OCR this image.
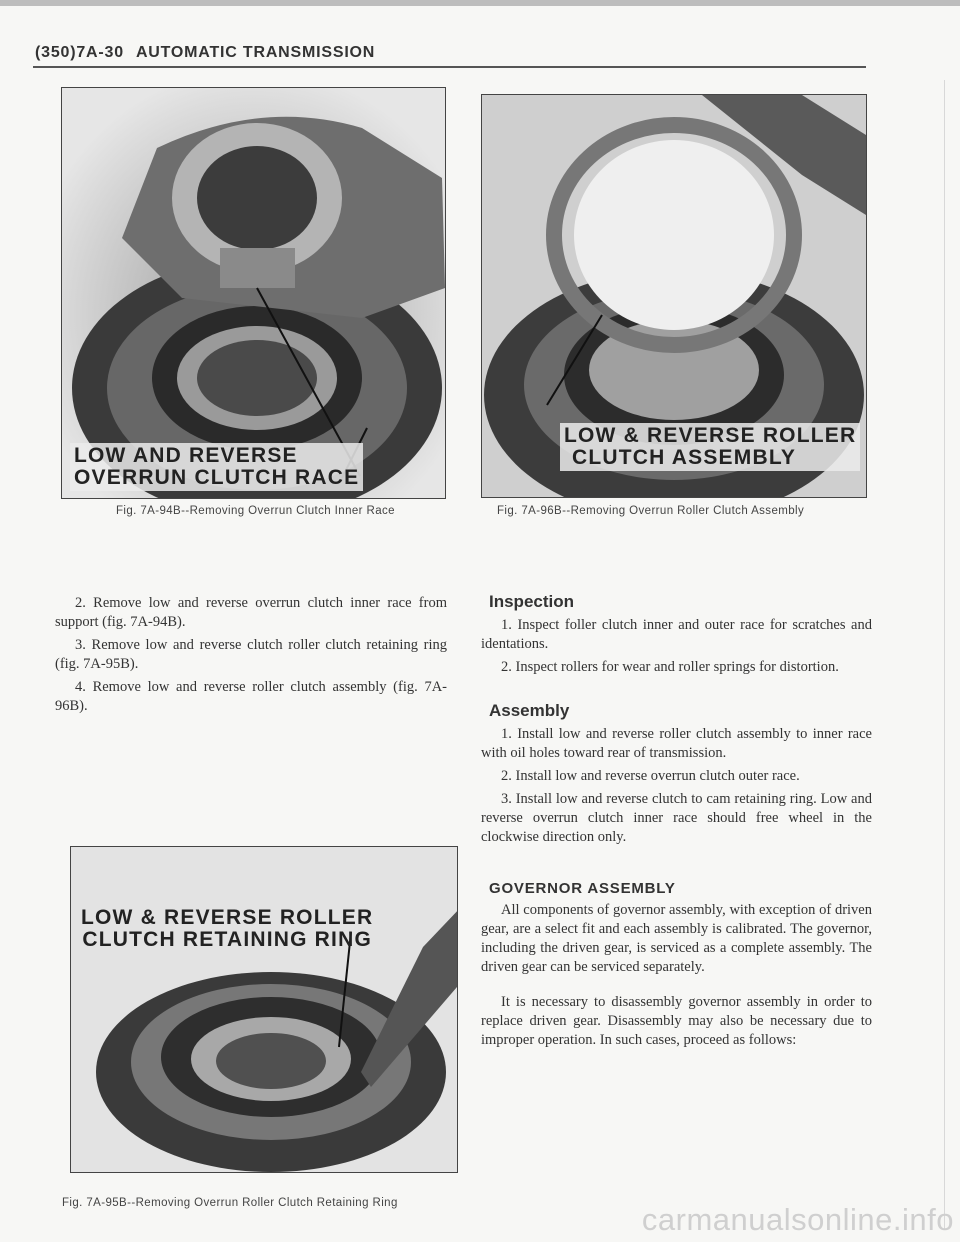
(350)7A-30 AUTOMATIC TRANSMISSION
LOW AND REVERSE
OVERRUN CLUTCH RACE
Fig. 7A-94B--Removing Overrun Clutch Inner Race
LOW & REVERSE ROLLER
CLUTCH ASSEMBLY
Fig. 7A-96B--Removing Overrun Roller Clutch Assembly

2. Remove low and reverse overrun clutch inner race from support (fig. 7A-94B).

3. Remove low and reverse clutch roller clutch retaining ring (fig. 7A-95B).

4. Remove low and reverse roller clutch assembly (fig. 7A-96B).

LOW & REVERSE ROLLER
CLUTCH RETAINING RING
Fig. 7A-95B--Removing Overrun Roller Clutch Retaining Ring
Inspection

1. Inspect foller clutch inner and outer race for scratches and identations.

2. Inspect rollers for wear and roller springs for distortion.

Assembly

1. Install low and reverse roller clutch assembly to inner race with oil holes toward rear of transmission.

2. Install low and reverse overrun clutch outer race.

3. Install low and reverse clutch to cam retaining ring. Low and reverse overrun clutch inner race should free wheel in the clockwise direction only.

GOVERNOR ASSEMBLY

All components of governor assembly, with exception of driven gear, are a select fit and each assembly is calibrated. The governor, including the driven gear, is serviced as a complete assembly. The driven gear can be serviced separately.

It is necessary to disassembly governor assembly in order to replace driven gear. Disassembly may also be necessary due to improper operation. In such cases, proceed as follows:

carmanualsonline.info
